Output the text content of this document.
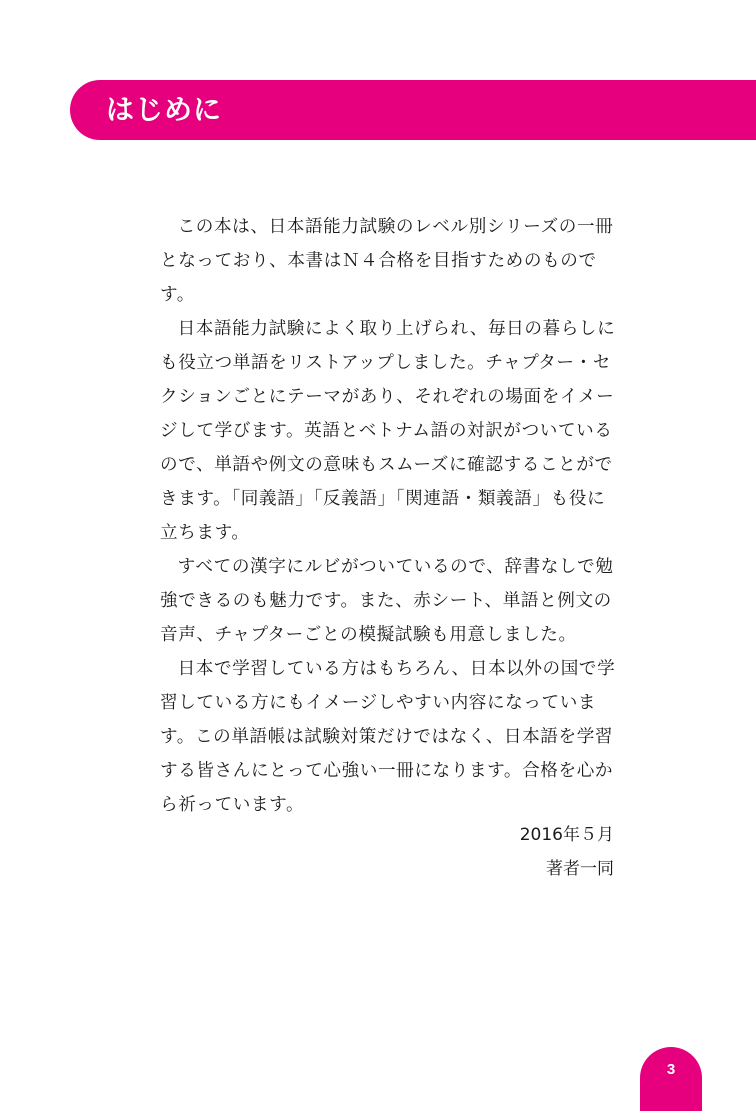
はじめに

この本は、日本語能力試験のレベル別シリーズの一冊となっており、本書はＮ４合格を目指すためのものです。

日本語能力試験によく取り上げられ、毎日の暮らしにも役立つ単語をリストアップしました。チャプター・セクションごとにテーマがあり、それぞれの場面をイメージして学びます。英語とベトナム語の対訳がついているので、単語や例文の意味もスムーズに確認することができます。「同義語」「反義語」「関連語・類義語」も役に立ちます。

すべての漢字にルビがついているので、辞書なしで勉強できるのも魅力です。また、赤シート、単語と例文の音声、チャプターごとの模擬試験も用意しました。

日本で学習している方はもちろん、日本以外の国で学習している方にもイメージしやすい内容になっています。この単語帳は試験対策だけではなく、日本語を学習する皆さんにとって心強い一冊になります。合格を心から祈っています。

2016年５月
著者一同
3
